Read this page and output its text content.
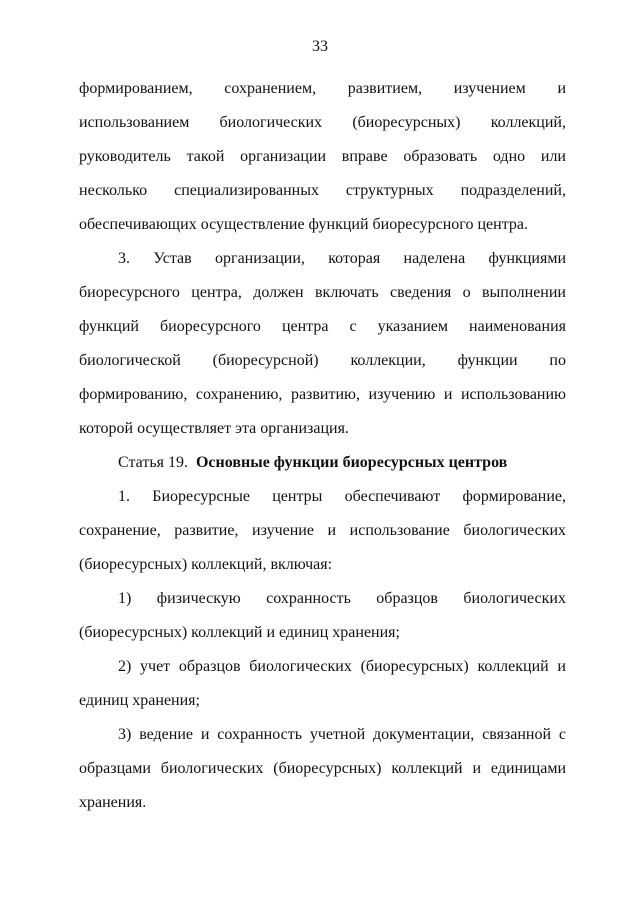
33

формированием, сохранением, развитием, изучением и использованием биологических (биоресурсных) коллекций, руководитель такой организации вправе образовать одно или несколько специализированных структурных подразделений, обеспечивающих осуществление функций биоресурсного центра.

3. Устав организации, которая наделена функциями биоресурсного центра, должен включать сведения о выполнении функций биоресурсного центра с указанием наименования биологической (биоресурсной) коллекции, функции по формированию, сохранению, развитию, изучению и использованию которой осуществляет эта организация.

Статья 19. Основные функции биоресурсных центров

1. Биоресурсные центры обеспечивают формирование, сохранение, развитие, изучение и использование биологических (биоресурсных) коллекций, включая:

1) физическую сохранность образцов биологических (биоресурсных) коллекций и единиц хранения;

2) учет образцов биологических (биоресурсных) коллекций и единиц хранения;

3) ведение и сохранность учетной документации, связанной с образцами биологических (биоресурсных) коллекций и единицами хранения.
